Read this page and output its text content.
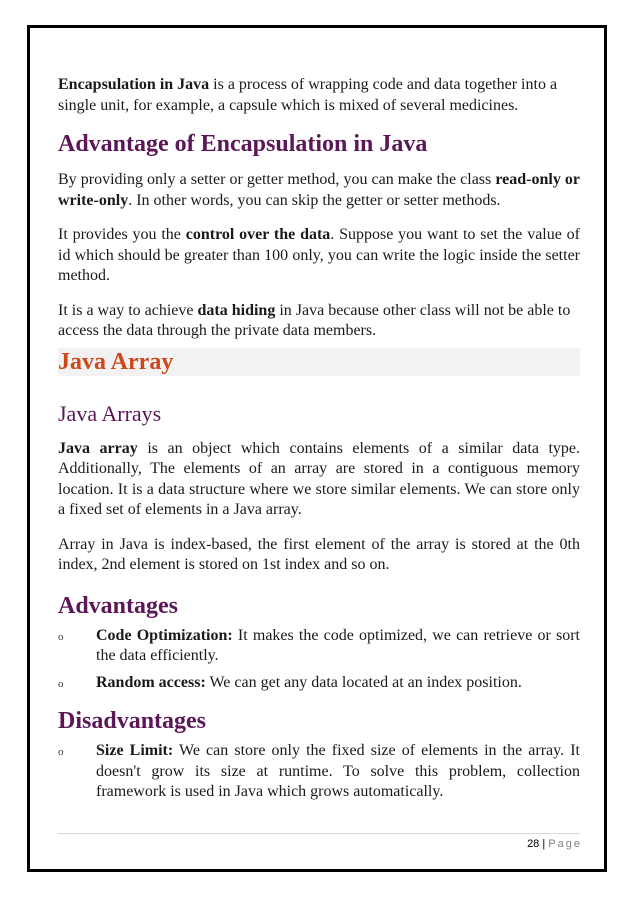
Encapsulation in Java is a process of wrapping code and data together into a single unit, for example, a capsule which is mixed of several medicines.

Advantage of Encapsulation in Java

By providing only a setter or getter method, you can make the class read-only or write-only. In other words, you can skip the getter or setter methods.

It provides you the control over the data. Suppose you want to set the value of id which should be greater than 100 only, you can write the logic inside the setter method.

It is a way to achieve data hiding in Java because other class will not be able to access the data through the private data members.

Java Array
Java Arrays

Java array is an object which contains elements of a similar data type. Additionally, The elements of an array are stored in a contiguous memory location. It is a data structure where we store similar elements. We can store only a fixed set of elements in a Java array.

Array in Java is index-based, the first element of the array is stored at the 0th index, 2nd element is stored on 1st index and so on.

Advantages
o Code Optimization: It makes the code optimized, we can retrieve or sort the data efficiently.

o Random access: We can get any data located at an index position.

Disadvantages
o Size Limit: We can store only the fixed size of elements in the array. It doesn't grow its size at runtime. To solve this problem, collection framework is used in Java which grows automatically.

28 | Page
